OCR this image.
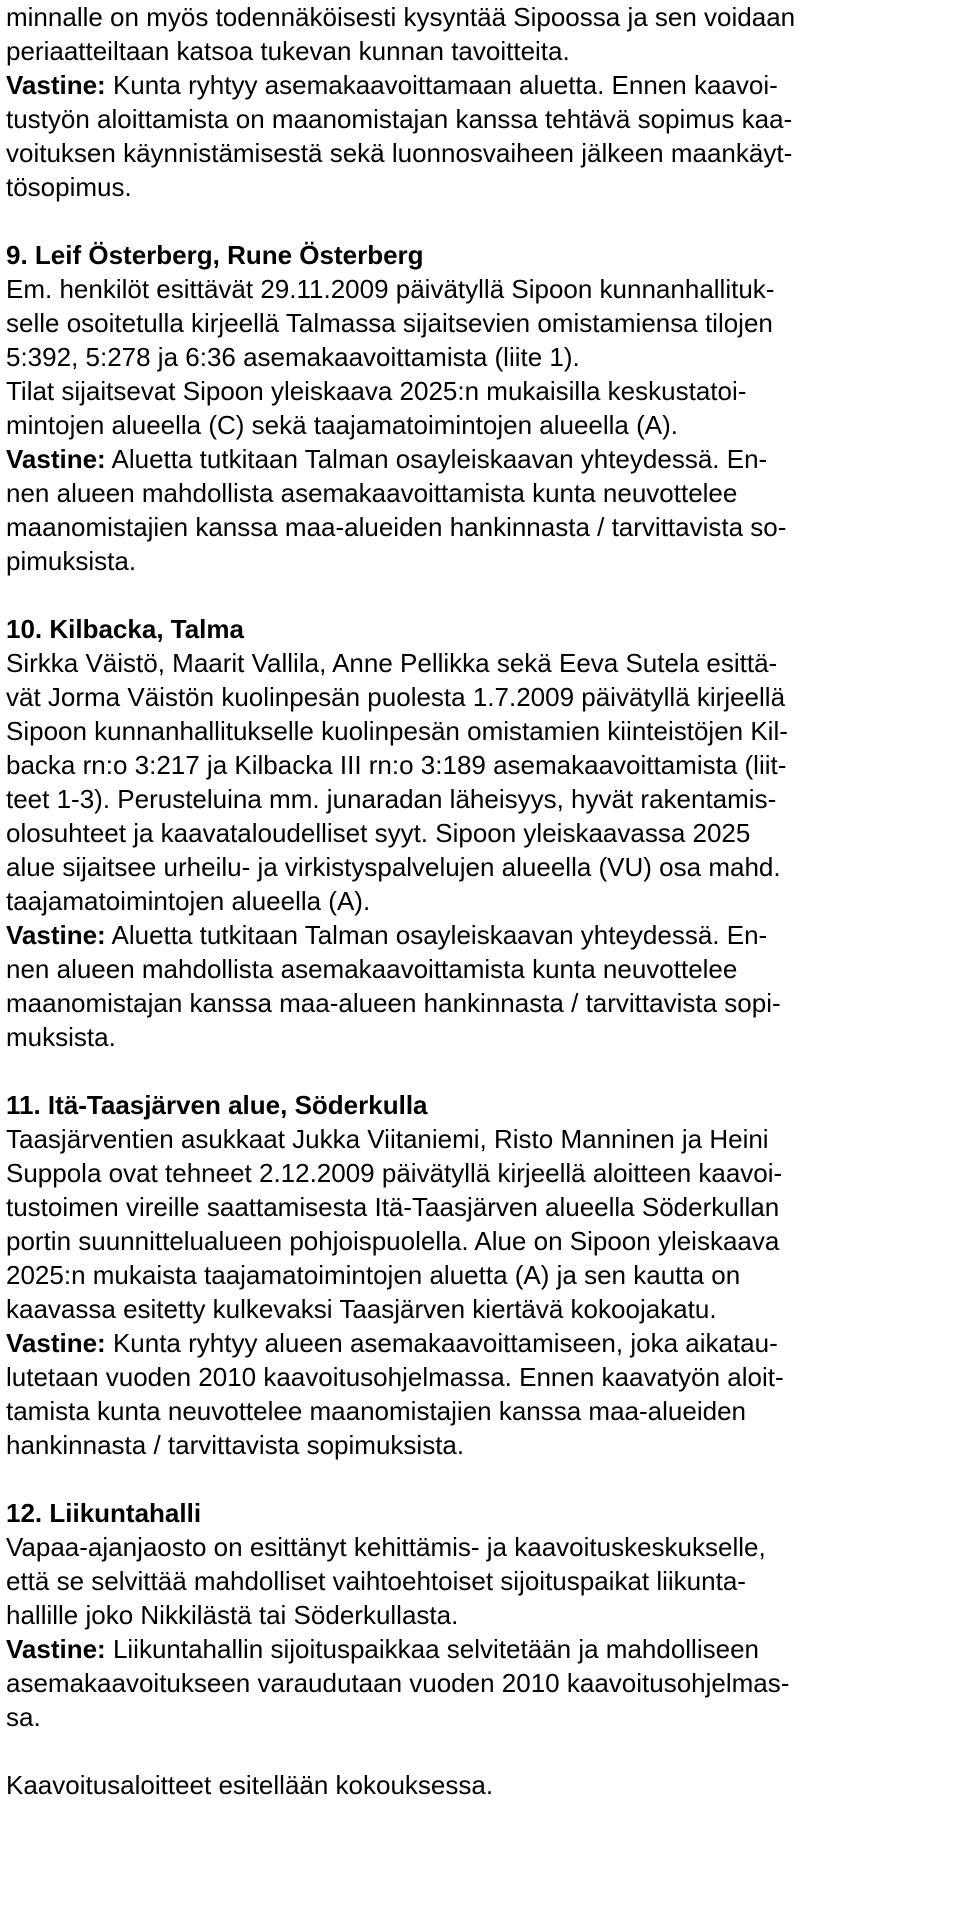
minnalle on myös todennäköisesti kysyntää Sipoossa ja sen voidaan

periaatteiltaan katsoa tukevan kunnan tavoitteita.

Vastine: Kunta ryhtyy asemakaavoittamaan aluetta. Ennen kaavoi-

tustyön aloittamista on maanomistajan kanssa tehtävä sopimus kaa-

voituksen käynnistämisestä sekä luonnosvaiheen jälkeen maankäyt-

tösopimus.

9. Leif Österberg, Rune Österberg

Em. henkilöt esittävät 29.11.2009 päivätyllä Sipoon kunnanhallituk-

selle osoitetulla kirjeellä Talmassa sijaitsevien omistamiensa tilojen

5:392, 5:278 ja 6:36 asemakaavoittamista (liite 1).

Tilat sijaitsevat Sipoon yleiskaava 2025:n mukaisilla keskustatoi-

mintojen alueella (C) sekä taajamatoimintojen alueella (A).

Vastine: Aluetta tutkitaan Talman osayleiskaavan yhteydessä. En-

nen alueen mahdollista asemakaavoittamista kunta neuvottelee

maanomistajien kanssa maa-alueiden hankinnasta / tarvittavista so-

pimuksista.

10. Kilbacka, Talma

Sirkka Väistö, Maarit Vallila, Anne Pellikka sekä Eeva Sutela esittä-

vät Jorma Väistön kuolinpesän puolesta 1.7.2009 päivätyllä kirjeellä

Sipoon kunnanhallitukselle kuolinpesän omistamien kiinteistöjen Kil-

backa rn:o 3:217 ja Kilbacka III rn:o 3:189 asemakaavoittamista (liit-

teet 1-3). Perusteluina mm. junaradan läheisyys, hyvät rakentamis-

olosuhteet ja kaavataloudelliset syyt. Sipoon yleiskaavassa 2025

alue sijaitsee urheilu- ja virkistyspalvelujen alueella (VU) osa mahd.

taajamatoimintojen alueella (A).

Vastine: Aluetta tutkitaan Talman osayleiskaavan yhteydessä. En-

nen alueen mahdollista asemakaavoittamista kunta neuvottelee

maanomistajan kanssa maa-alueen hankinnasta / tarvittavista sopi-

muksista.

11. Itä-Taasjärven alue, Söderkulla

Taasjärventien asukkaat Jukka Viitaniemi, Risto Manninen ja Heini

Suppola ovat tehneet 2.12.2009 päivätyllä kirjeellä aloitteen kaavoi-

tustoimen vireille saattamisesta Itä-Taasjärven alueella Söderkullan

portin suunnittelualueen pohjoispuolella. Alue on Sipoon yleiskaava

2025:n mukaista taajamatoimintojen aluetta (A) ja sen kautta on

kaavassa esitetty kulkevaksi Taasjärven kiertävä kokoojakatu.

Vastine: Kunta ryhtyy alueen asemakaavoittamiseen, joka aikatau-

lutetaan vuoden 2010 kaavoitusohjelmassa. Ennen kaavatyön aloit-

tamista kunta neuvottelee maanomistajien kanssa maa-alueiden

hankinnasta / tarvittavista sopimuksista.

12. Liikuntahalli

Vapaa-ajanjaosto on esittänyt kehittämis- ja kaavoituskeskukselle,

että se selvittää mahdolliset vaihtoehtoiset sijoituspaikat liikunta-

hallille joko Nikkilästä tai Söderkullasta.

Vastine: Liikuntahallin sijoituspaikkaa selvitetään ja mahdolliseen

asemakaavoitukseen varaudutaan vuoden 2010 kaavoitusohjelmas-

sa.

Kaavoitusaloitteet esitellään kokouksessa.
